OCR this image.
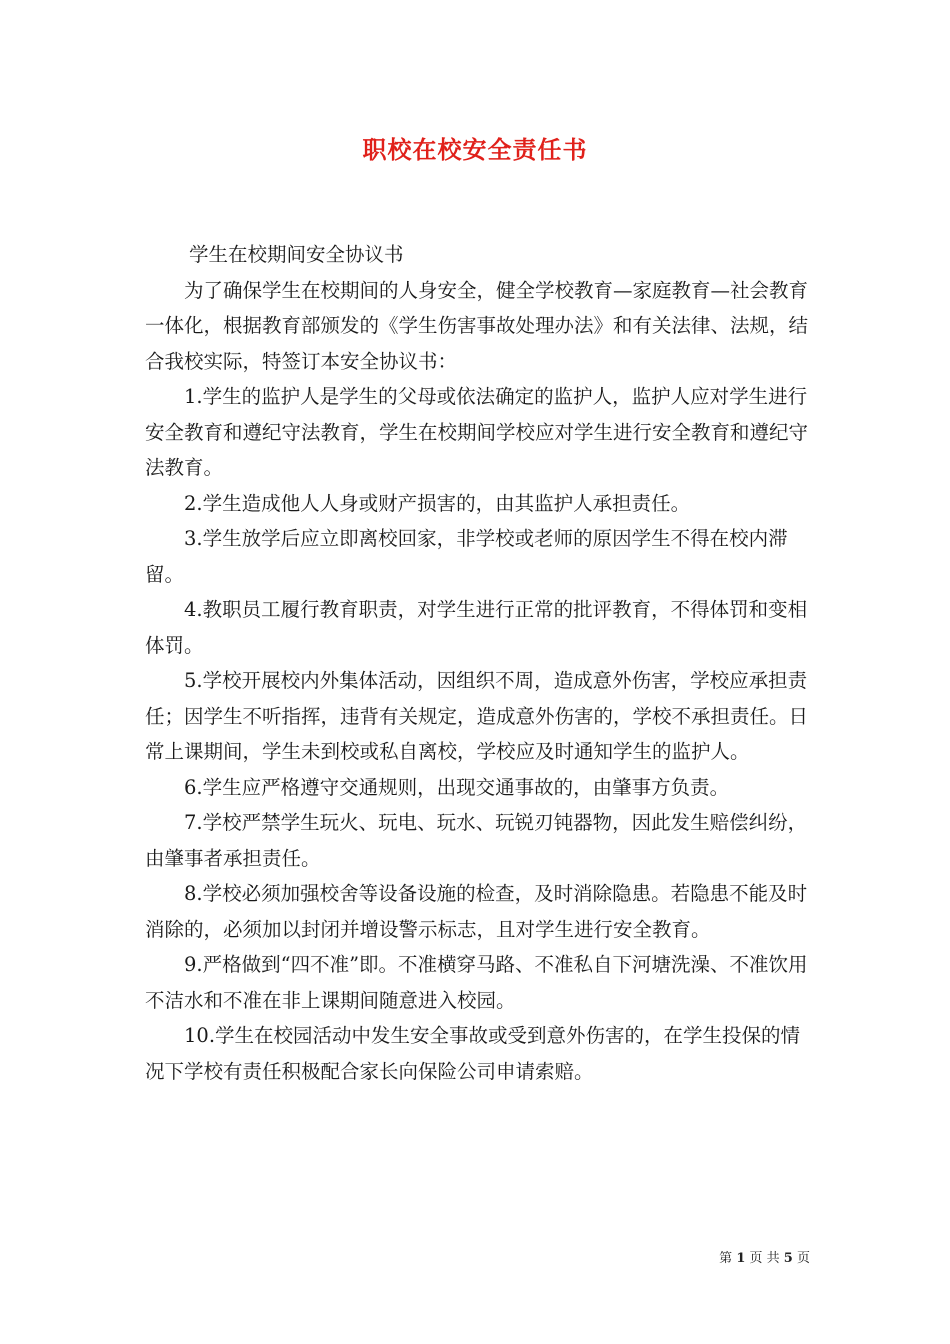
职校在校安全责任书

学生在校期间安全协议书

为了确保学生在校期间的人身安全，健全学校教育—家庭教育—社会教育一体化，根据教育部颁发的《学生伤害事故处理办法》和有关法律、法规，结合我校实际，特签订本安全协议书：

1.学生的监护人是学生的父母或依法确定的监护人，监护人应对学生进行安全教育和遵纪守法教育，学生在校期间学校应对学生进行安全教育和遵纪守法教育。

2.学生造成他人人身或财产损害的，由其监护人承担责任。

3.学生放学后应立即离校回家，非学校或老师的原因学生不得在校内滞留。

4.教职员工履行教育职责，对学生进行正常的批评教育，不得体罚和变相体罚。

5.学校开展校内外集体活动，因组织不周，造成意外伤害，学校应承担责任；因学生不听指挥，违背有关规定，造成意外伤害的，学校不承担责任。日常上课期间，学生未到校或私自离校，学校应及时通知学生的监护人。

6.学生应严格遵守交通规则，出现交通事故的，由肇事方负责。

7.学校严禁学生玩火、玩电、玩水、玩锐刃钝器物，因此发生赔偿纠纷，由肇事者承担责任。

8.学校必须加强校舍等设备设施的检查，及时消除隐患。若隐患不能及时消除的，必须加以封闭并增设警示标志，且对学生进行安全教育。

9.严格做到“四不准”即。不准横穿马路、不准私自下河塘洗澡、不准饮用不洁水和不准在非上课期间随意进入校园。

10.学生在校园活动中发生安全事故或受到意外伤害的，在学生投保的情况下学校有责任积极配合家长向保险公司申请索赔。

第 1 页 共 5 页
